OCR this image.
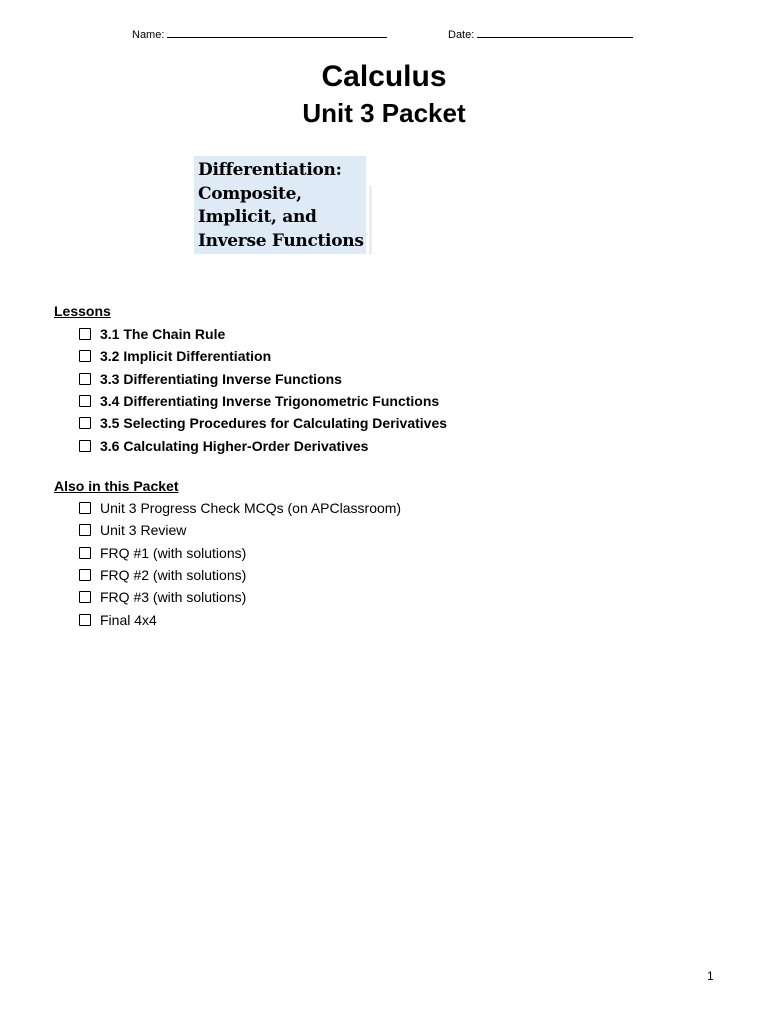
Name:	Date:
Calculus
Unit 3 Packet
Differentiation:
Composite,
Implicit, and
Inverse Functions
Lessons
3.1 The Chain Rule
3.2 Implicit Differentiation
3.3 Differentiating Inverse Functions
3.4 Differentiating Inverse Trigonometric Functions
3.5 Selecting Procedures for Calculating Derivatives
3.6 Calculating Higher-Order Derivatives
Also in this Packet
Unit 3 Progress Check MCQs (on APClassroom)
Unit 3 Review
FRQ #1 (with solutions)
FRQ #2 (with solutions)
FRQ #3 (with solutions)
Final 4x4
1
